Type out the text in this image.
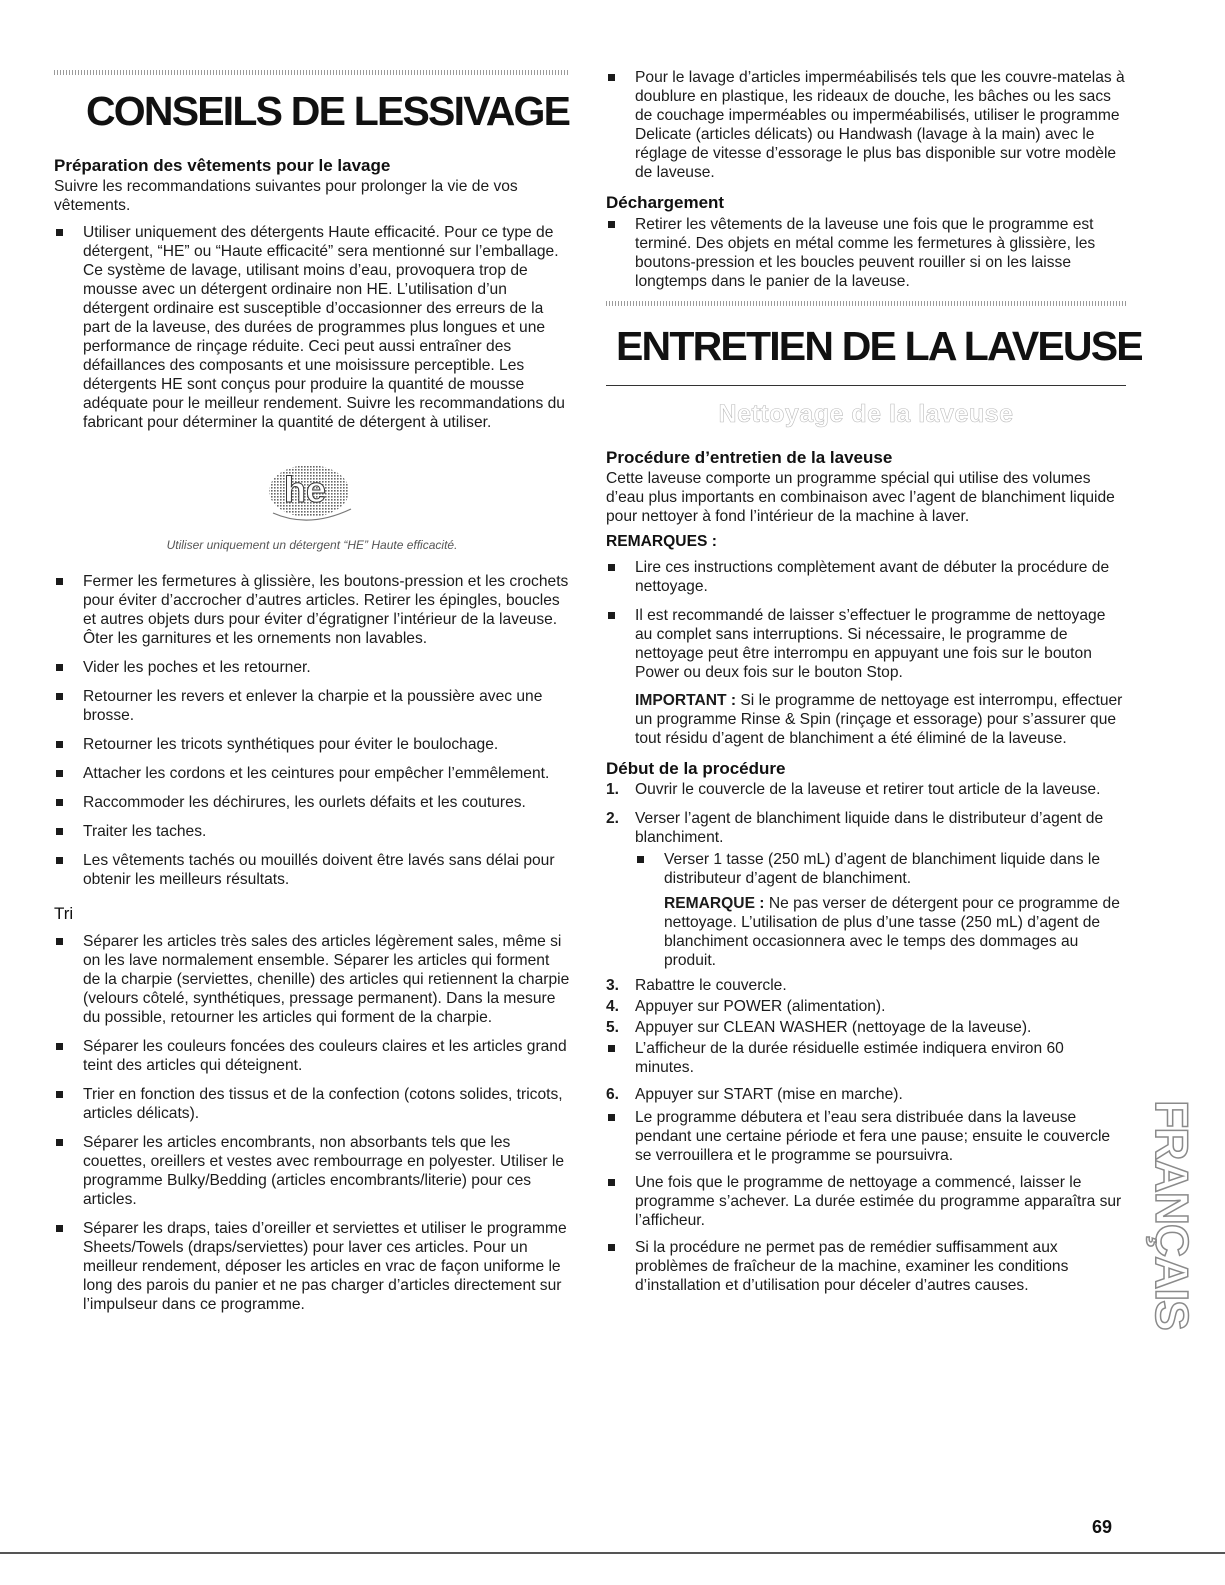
CONSEILS DE LESSIVAGE
Préparation des vêtements pour le lavage

Suivre les recommandations suivantes pour prolonger la vie de vos vêtements.

Utiliser uniquement des détergents Haute efficacité. Pour ce type de détergent, “HE” ou “Haute efficacité” sera mentionné sur l’emballage. Ce système de lavage, utilisant moins d’eau, provoquera trop de mousse avec un détergent ordinaire non HE. L’utilisation d’un détergent ordinaire est susceptible d’occasionner des erreurs de la part de la laveuse, des durées de programmes plus longues et une performance de rinçage réduite. Ceci peut aussi entraîner des défaillances des composants et une moisissure perceptible. Les détergents HE sont conçus pour produire la quantité de mousse adéquate pour le meilleur rendement. Suivre les recommandations du fabricant pour déterminer la quantité de détergent à utiliser.
he
Utiliser uniquement un détergent “HE” Haute efficacité.
Fermer les fermetures à glissière, les boutons-pression et les crochets pour éviter d’accrocher d’autres articles. Retirer les épingles, boucles et autres objets durs pour éviter d’égratigner l’intérieur de la laveuse. Ôter les garnitures et les ornements non lavables.
Vider les poches et les retourner.
Retourner les revers et enlever la charpie et la poussière avec une brosse.
Retourner les tricots synthétiques pour éviter le boulochage.
Attacher les cordons et les ceintures pour empêcher l’emmêlement.
Raccommoder les déchirures, les ourlets défaits et les coutures.
Traiter les taches.
Les vêtements tachés ou mouillés doivent être lavés sans délai pour obtenir les meilleurs résultats.
Tri
Séparer les articles très sales des articles légèrement sales, même si on les lave normalement ensemble. Séparer les articles qui forment de la charpie (serviettes, chenille) des articles qui retiennent la charpie (velours côtelé, synthétiques, pressage permanent). Dans la mesure du possible, retourner les articles qui forment de la charpie.
Séparer les couleurs foncées des couleurs claires et les articles grand teint des articles qui déteignent.
Trier en fonction des tissus et de la confection (cotons solides, tricots, articles délicats).
Séparer les articles encombrants, non absorbants tels que les couettes, oreillers et vestes avec rembourrage en polyester. Utiliser le programme Bulky/Bedding (articles encombrants/literie) pour ces articles.
Séparer les draps, taies d’oreiller et serviettes et utiliser le programme Sheets/Towels (draps/serviettes) pour laver ces articles. Pour un meilleur rendement, déposer les articles en vrac de façon uniforme le long des parois du panier et ne pas charger d’articles directement sur l’impulseur dans ce programme.
Pour le lavage d’articles imperméabilisés tels que les couvre-matelas à doublure en plastique, les rideaux de douche, les bâches ou les sacs de couchage imperméables ou imperméabilisés, utiliser le programme Delicate (articles délicats) ou Handwash (lavage à la main) avec le réglage de vitesse d’essorage le plus bas disponible sur votre modèle de laveuse.
Déchargement
Retirer les vêtements de la laveuse une fois que le programme est terminé. Des objets en métal comme les fermetures à glissière, les boutons-pression et les boucles peuvent rouiller si on les laisse longtemps dans le panier de la laveuse.
ENTRETIEN DE LA LAVEUSE
Nettoyage de la laveuse
Procédure d’entretien de la laveuse

Cette laveuse comporte un programme spécial qui utilise des volumes d’eau plus importants en combinaison avec l’agent de blanchiment liquide pour nettoyer à fond l’intérieur de la machine à laver.

REMARQUES :
Lire ces instructions complètement avant de débuter la procédure de nettoyage.
Il est recommandé de laisser s’effectuer le programme de nettoyage au complet sans interruptions. Si nécessaire, le programme de nettoyage peut être interrompu en appuyant une fois sur le bouton Power ou deux fois sur le bouton Stop.

IMPORTANT : Si le programme de nettoyage est interrompu, effectuer un programme Rinse & Spin (rinçage et essorage) pour s’assurer que tout résidu d’agent de blanchiment a été éliminé de la laveuse.

Début de la procédure
1. Ouvrir le couvercle de la laveuse et retirer tout article de la laveuse.
2. Verser l’agent de blanchiment liquide dans le distributeur d’agent de blanchiment.
Verser 1 tasse (250 mL) d’agent de blanchiment liquide dans le distributeur d’agent de blanchiment.

REMARQUE : Ne pas verser de détergent pour ce programme de nettoyage. L’utilisation de plus d’une tasse (250 mL) d’agent de blanchiment occasionnera avec le temps des dommages au produit.

3. Rabattre le couvercle.
4. Appuyer sur POWER (alimentation).
5. Appuyer sur CLEAN WASHER (nettoyage de la laveuse).
L’afficheur de la durée résiduelle estimée indiquera environ 60 minutes.
6. Appuyer sur START (mise en marche).
Le programme débutera et l’eau sera distribuée dans la laveuse pendant une certaine période et fera une pause; ensuite le couvercle se verrouillera et le programme se poursuivra.
Une fois que le programme de nettoyage a commencé, laisser le programme s’achever. La durée estimée du programme apparaîtra sur l’afficheur.
Si la procédure ne permet pas de remédier suffisamment aux problèmes de fraîcheur de la machine, examiner les conditions d’installation et d’utilisation pour déceler d’autres causes.	FRANÇAIS
69
